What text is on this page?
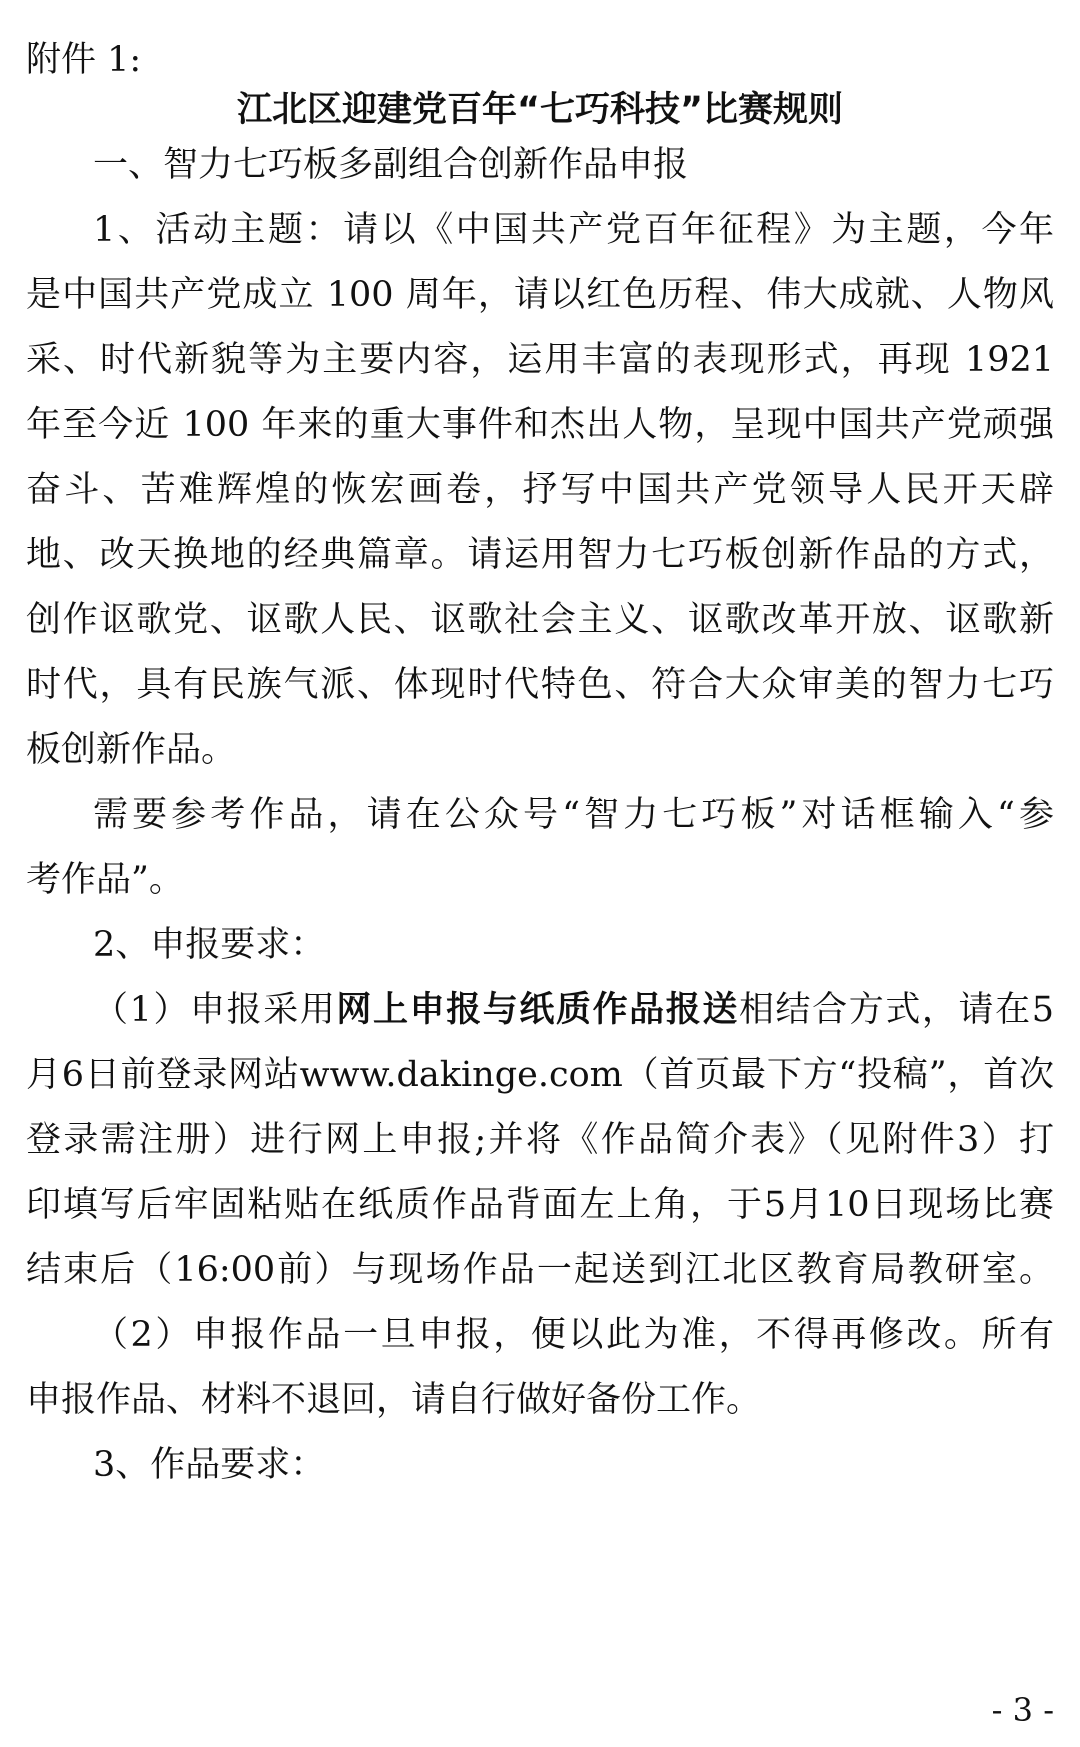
附件 1:
江北区迎建党百年“七巧科技”比赛规则
一、智力七巧板多副组合创新作品申报
1、活动主题：请以《中国共产党百年征程》为主题，今年
是中国共产党成立 100 周年，请以红色历程、伟大成就、人物风
采、时代新貌等为主要内容，运用丰富的表现形式，再现 1921
年至今近 100 年来的重大事件和杰出人物，呈现中国共产党顽强
奋斗、苦难辉煌的恢宏画卷，抒写中国共产党领导人民开天辟
地、改天换地的经典篇章。请运用智力七巧板创新作品的方式，
创作讴歌党、讴歌人民、讴歌社会主义、讴歌改革开放、讴歌新
时代，具有民族气派、体现时代特色、符合大众审美的智力七巧
板创新作品。
需要参考作品，请在公众号“智力七巧板”对话框输入“参
考作品”。
2、申报要求：
（1）申报采用网上申报与纸质作品报送相结合方式，请在5
月6日前登录网站www.dakinge.com（首页最下方“投稿”，首次
登录需注册）进行网上申报;并将《作品简介表》（见附件3）打
印填写后牢固粘贴在纸质作品背面左上角，于5月10日现场比赛
结束后（16:00前）与现场作品一起送到江北区教育局教研室。
（2）申报作品一旦申报，便以此为准，不得再修改。所有
申报作品、材料不退回，请自行做好备份工作。
3、作品要求：
- 3 -
